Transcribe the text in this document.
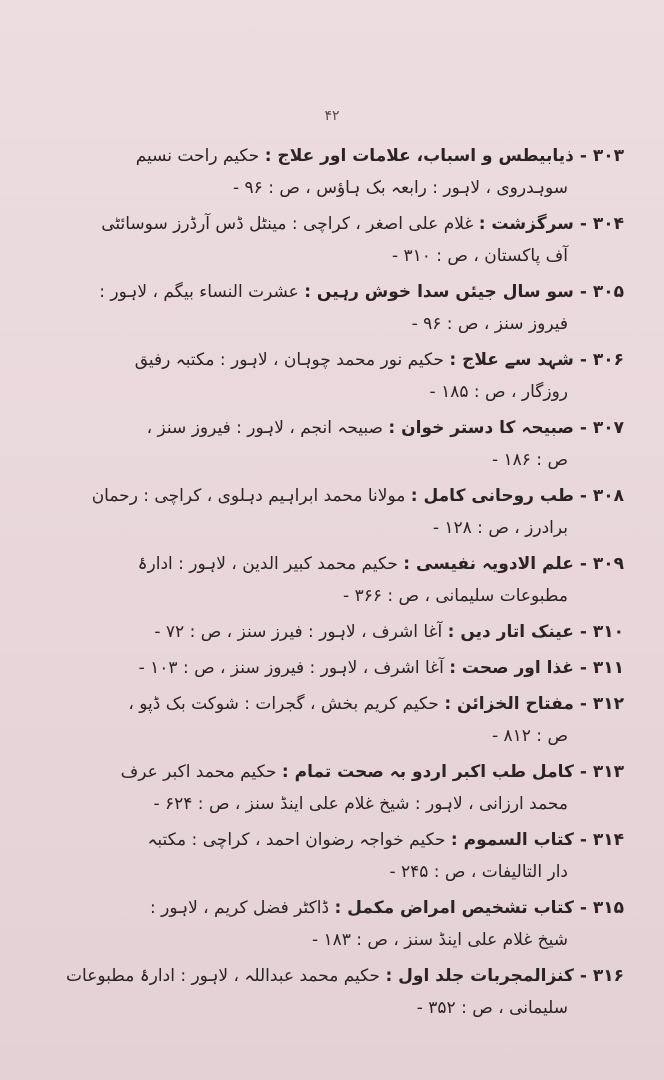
۴۲
۳۰۳ -ذیابیطس و اسباب، علامات اور علاج : حکیم راحت نسیم
سوہدروی ، لاہور : رابعہ بک ہاؤس ، ص : ۹۶ -
۳۰۴ -سرگزشت : غلام علی اصغر ، کراچی : مینٹل ڈس آرڈرز سوسائٹی
آف پاکستان ، ص : ۳۱۰ -
۳۰۵ -سو سال جیئں سدا خوش رہیں : عشرت النساء بیگم ، لاہور :
فیروز سنز ، ص : ۹۶ -
۳۰۶ -شہد سے علاج : حکیم نور محمد چوہان ، لاہور : مکتبہ رفیق
روزگار ، ص : ۱۸۵ -
۳۰۷ -صبیحہ کا دستر خوان : صبیحہ انجم ، لاہور : فیروز سنز ،
ص : ۱۸۶ -
۳۰۸ -طب روحانی کامل : مولانا محمد ابراہیم دہلوی ، کراچی : رحمان
برادرز ، ص : ۱۲۸ -
۳۰۹ -علم الادویہ نفیسی : حکیم محمد کبیر الدین ، لاہور : ادارۂ
مطبوعات سلیمانی ، ص : ۳۶۶ -
۳۱۰ -عینک اتار دیں : آغا اشرف ، لاہور : فیرز سنز ، ص : ۷۲ -
۳۱۱ -غذا اور صحت : آغا اشرف ، لاہور : فیروز سنز ، ص : ۱۰۳ -
۳۱۲ -مفتاح الخزائن : حکیم کریم بخش ، گجرات : شوکت بک ڈپو ،
ص : ۸۱۲ -
۳۱۳ -کامل طب اکبر اردو بہ صحت تمام : حکیم محمد اکبر عرف
محمد ارزانی ، لاہور : شیخ غلام علی اینڈ سنز ، ص : ۶۲۴ -
۳۱۴ -کتاب السموم : حکیم خواجہ رضوان احمد ، کراچی : مکتبہ
دار التالیفات ، ص : ۲۴۵ -
۳۱۵ -کتاب تشخیص امراض مکمل : ڈاکٹر فضل کریم ، لاہور :
شیخ غلام علی اینڈ سنز ، ص : ۱۸۳ -
۳۱۶ -کنزالمجربات جلد اول : حکیم محمد عبداللہ ، لاہور : ادارۂ مطبوعات
سلیمانی ، ص : ۳۵۲ -
